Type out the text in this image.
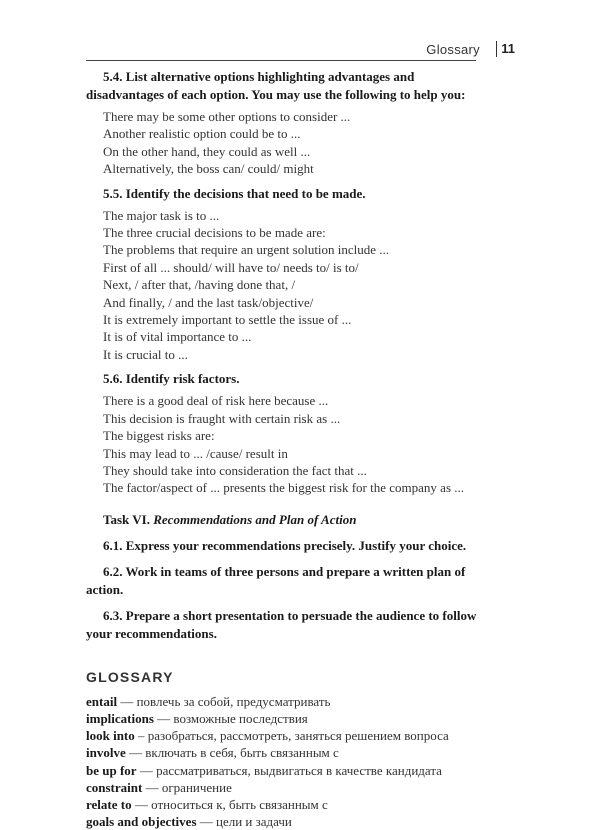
Glossary 11

5.4. List alternative options highlighting advantages and disadvantages of each option. You may use the following to help you:

There may be some other options to consider ...
Another realistic option could be to ...
On the other hand, they could as well ...
Alternatively, the boss can/ could/ might

5.5. Identify the decisions that need to be made.

The major task is to ...
The three crucial decisions to be made are:
The problems that require an urgent solution include ...
First of all ... should/ will have to/ needs to/ is to/
Next, / after that, /having done that, /
And finally, / and the last task/objective/
It is extremely important to settle the issue of ...
It is of vital importance to ...
It is crucial to ...

5.6. Identify risk factors.

There is a good deal of risk here because ...
This decision is fraught with certain risk as ...
The biggest risks are:
This may lead to ... /cause/ result in
They should take into consideration the fact that ...
The factor/aspect of ... presents the biggest risk for the company as ...
Task VI. Recommendations and Plan of Action

6.1. Express your recommendations precisely. Justify your choice.

6.2. Work in teams of three persons and prepare a written plan of action.

6.3. Prepare a short presentation to persuade the audience to follow your recommendations.

GLOSSARY
entail — повлечь за собой, предусматривать
implications — возможные последствия
look into – разобраться, рассмотреть, заняться решением вопроса
involve — включать в себя, быть связанным с
be up for — рассматриваться, выдвигаться в качестве кандидата
constraint — ограничение
relate to — относиться к, быть связанным с
goals and objectives — цели и задачи
